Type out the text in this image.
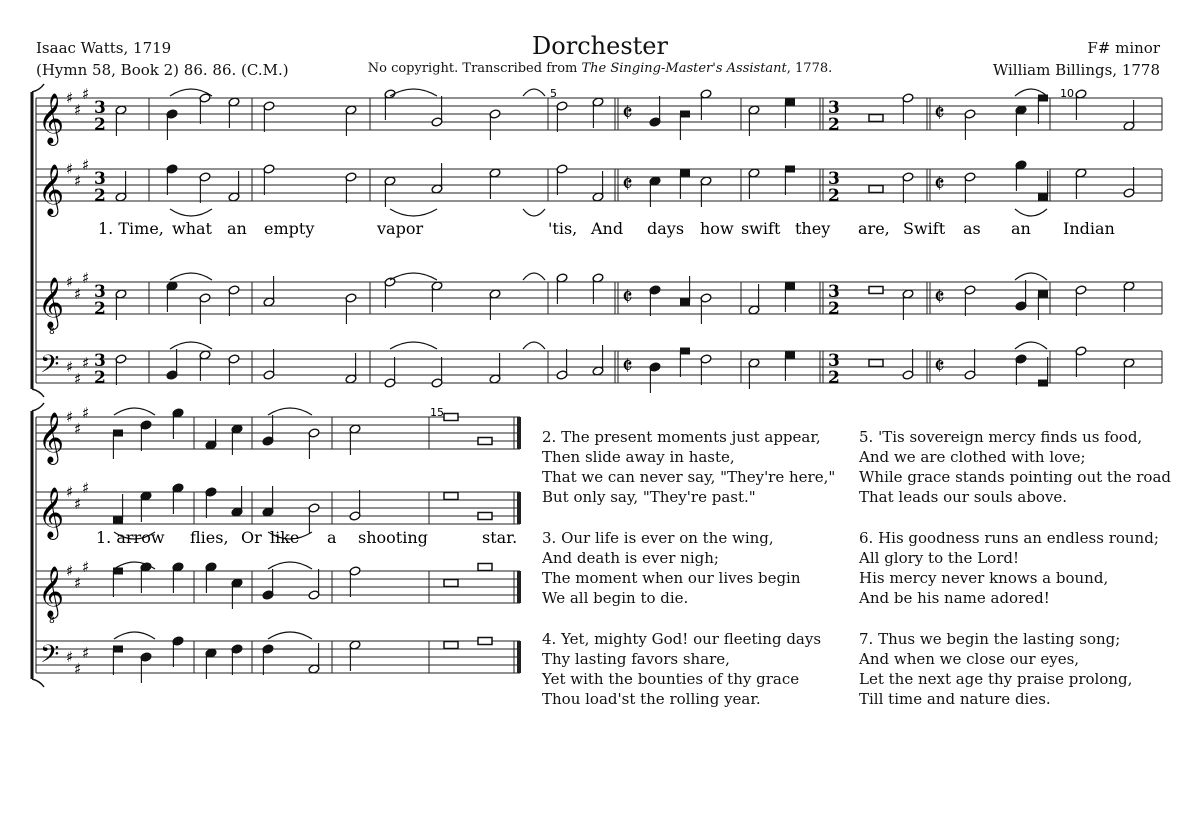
Isaac Watts, 1719
(Hymn 58, Book 2) 86. 86. (C.M.)
Dorchester
No copyright. Transcribed from The Singing-Master's Assistant, 1778.
F# minor
William Billings, 1778
𝄞 ♯
♯
♯
3
2	𝄵	3
2	𝄵
𝄞 ♯
♯
♯
3
2	𝄵	3
2	𝄵
𝄞
8
♯
♯
♯
3
2	𝄵	3
2	𝄵
𝄢 ♯
♯
♯ 3
2	𝄵	3
2	𝄵
𝄞 ♯
♯
♯
𝄞 ♯
♯
♯
𝄞
8
♯
♯
♯
𝄢 ♯
♯
♯
5	10
15
1. Time, what an empty	vapor	'tis, And days how swift they are, Swift as an Indian
1. arrow flies, Or like a shooting	star.
2. The present moments just appear,
Then slide away in haste,
That we can never say, "They're here,"
But only say, "They're past."
3. Our life is ever on the wing,
And death is ever nigh;
The moment when our lives begin
We all begin to die.
4. Yet, mighty God! our fleeting days
Thy lasting favors share,
Yet with the bounties of thy grace
Thou load'st the rolling year.
5. 'Tis sovereign mercy finds us food,
And we are clothed with love;
While grace stands pointing out the road
That leads our souls above.
6. His goodness runs an endless round;
All glory to the Lord!
His mercy never knows a bound,
And be his name adored!
7. Thus we begin the lasting song;
And when we close our eyes,
Let the next age thy praise prolong,
Till time and nature dies.
